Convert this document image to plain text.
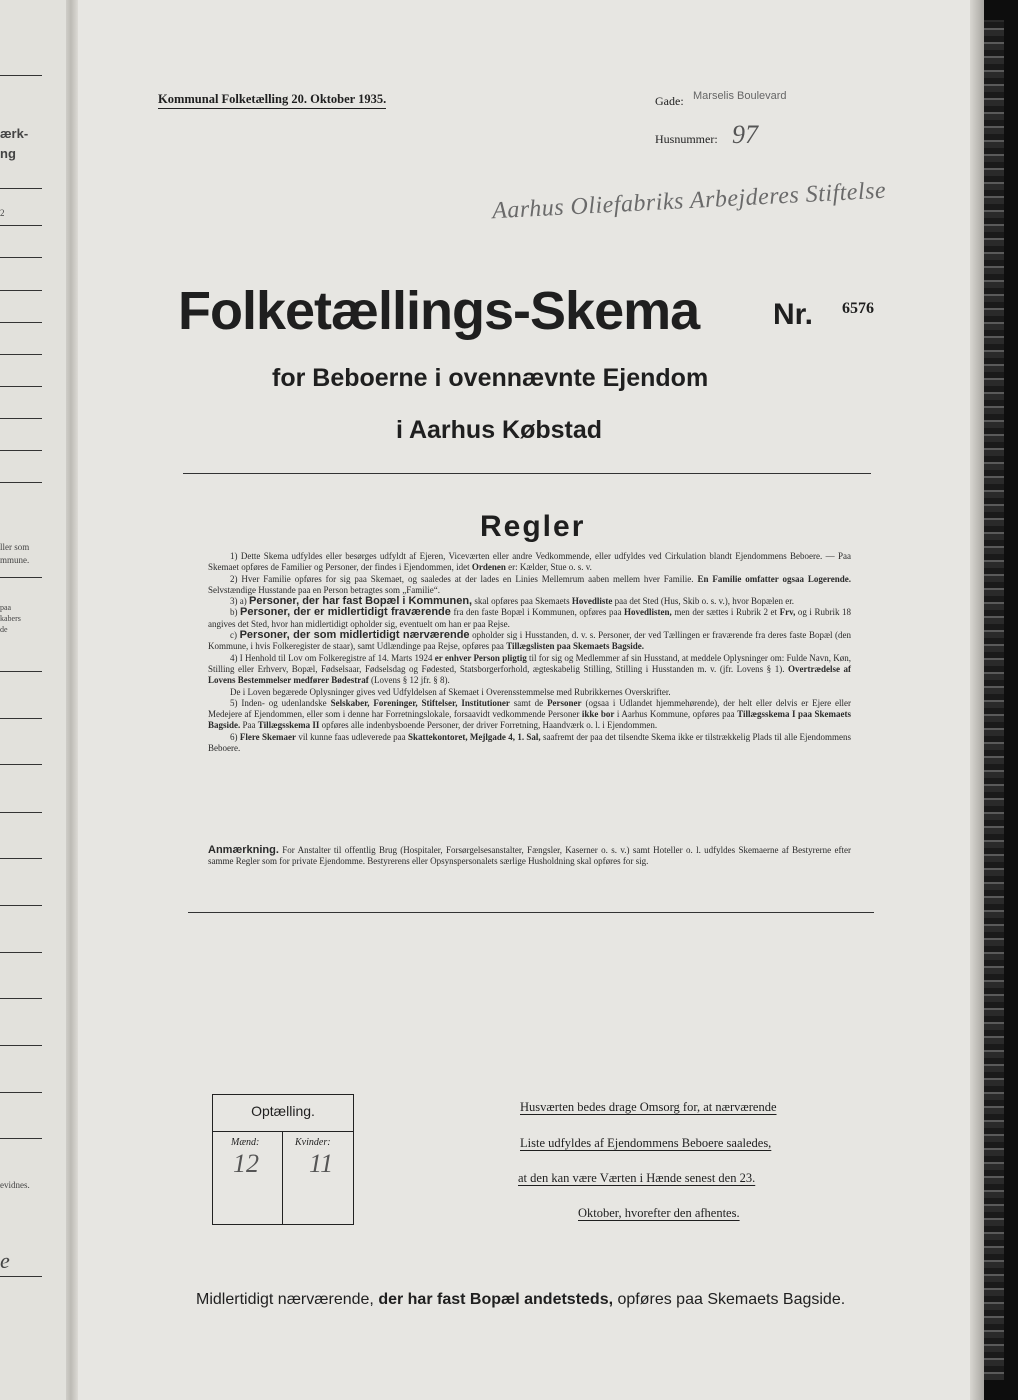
ærk-
ng
2
ller som
mmune.
paa
kabers
de
evidnes.
e
Kommunal Folketælling 20. Oktober 1935.	Gade: Marselis Boulevard
Husnummer: 97
Aarhus Oliefabriks Arbejderes Stiftelse
Folketællings-Skema Nr. 6576
for Beboerne i ovennævnte Ejendom
i Aarhus Købstad
Regler

1) Dette Skema udfyldes eller besørges udfyldt af Ejeren, Viceværten eller andre Vedkommende, eller udfyldes ved Cirkulation blandt Ejendommens Beboere. — Paa Skemaet opføres de Familier og Personer, der findes i Ejendommen, idet Ordenen er: Kælder, Stue o. s. v.

2) Hver Familie opføres for sig paa Skemaet, og saaledes at der lades en Linies Mellemrum aaben mellem hver Familie. En Familie omfatter ogsaa Logerende. Selvstændige Husstande paa en Person betragtes som „Familie“.

3) a) Personer, der har fast Bopæl i Kommunen, skal opføres paa Skemaets Hovedliste paa det Sted (Hus, Skib o. s. v.), hvor Bopælen er.

b) Personer, der er midlertidigt fraværende fra den faste Bopæl i Kommunen, opføres paa Hovedlisten, men der sættes i Rubrik 2 et Frv, og i Rubrik 18 angives det Sted, hvor han midlertidigt opholder sig, eventuelt om han er paa Rejse.

c) Personer, der som midlertidigt nærværende opholder sig i Husstanden, d. v. s. Personer, der ved Tællingen er fraværende fra deres faste Bopæl (den Kommune, i hvis Folkeregister de staar), samt Udlændinge paa Rejse, opføres paa Tillægslisten paa Skemaets Bagside.

4) I Henhold til Lov om Folkeregistre af 14. Marts 1924 er enhver Person pligtig til for sig og Medlemmer af sin Husstand, at meddele Oplysninger om: Fulde Navn, Køn, Stilling eller Erhverv, Bopæl, Fødselsaar, Fødselsdag og Fødested, Statsborgerforhold, ægteskabelig Stilling, Stilling i Husstanden m. v. (jfr. Lovens § 1). Overtrædelse af Lovens Bestemmelser medfører Bødestraf (Lovens § 12 jfr. § 8).

De i Loven begærede Oplysninger gives ved Udfyldelsen af Skemaet i Overensstemmelse med Rubrikkernes Overskrifter.

5) Inden- og udenlandske Selskaber, Foreninger, Stiftelser, Institutioner samt de Personer (ogsaa i Udlandet hjemmehørende), der helt eller delvis er Ejere eller Medejere af Ejendommen, eller som i denne har Forretningslokale, forsaavidt vedkommende Personer ikke bor i Aarhus Kommune, opføres paa Tillægsskema I paa Skemaets Bagside. Paa Tillægsskema II opføres alle indenbysboende Personer, der driver Forretning, Haandværk o. l. i Ejendommen.

6) Flere Skemaer vil kunne faas udleverede paa Skattekontoret, Mejlgade 4, 1. Sal, saafremt der paa det tilsendte Skema ikke er tilstrækkelig Plads til alle Ejendommens Beboere.

Anmærkning. For Anstalter til offentlig Brug (Hospitaler, Forsørgelsesanstalter, Fængsler, Kaserner o. s. v.) samt Hoteller o. l. udfyldes Skemaerne af Bestyrerne efter samme Regler som for private Ejendomme. Bestyrerens eller Opsynspersonalets særlige Husholdning skal opføres for sig.
Optælling.
Mænd:	Kvinder:
12 11
Husværten bedes drage Omsorg for, at nærværende
Liste udfyldes af Ejendommens Beboere saaledes,
at den kan være Værten i Hænde senest den 23.
Oktober, hvorefter den afhentes.
Midlertidigt nærværende, der har fast Bopæl andetsteds, opføres paa Skemaets Bagside.
